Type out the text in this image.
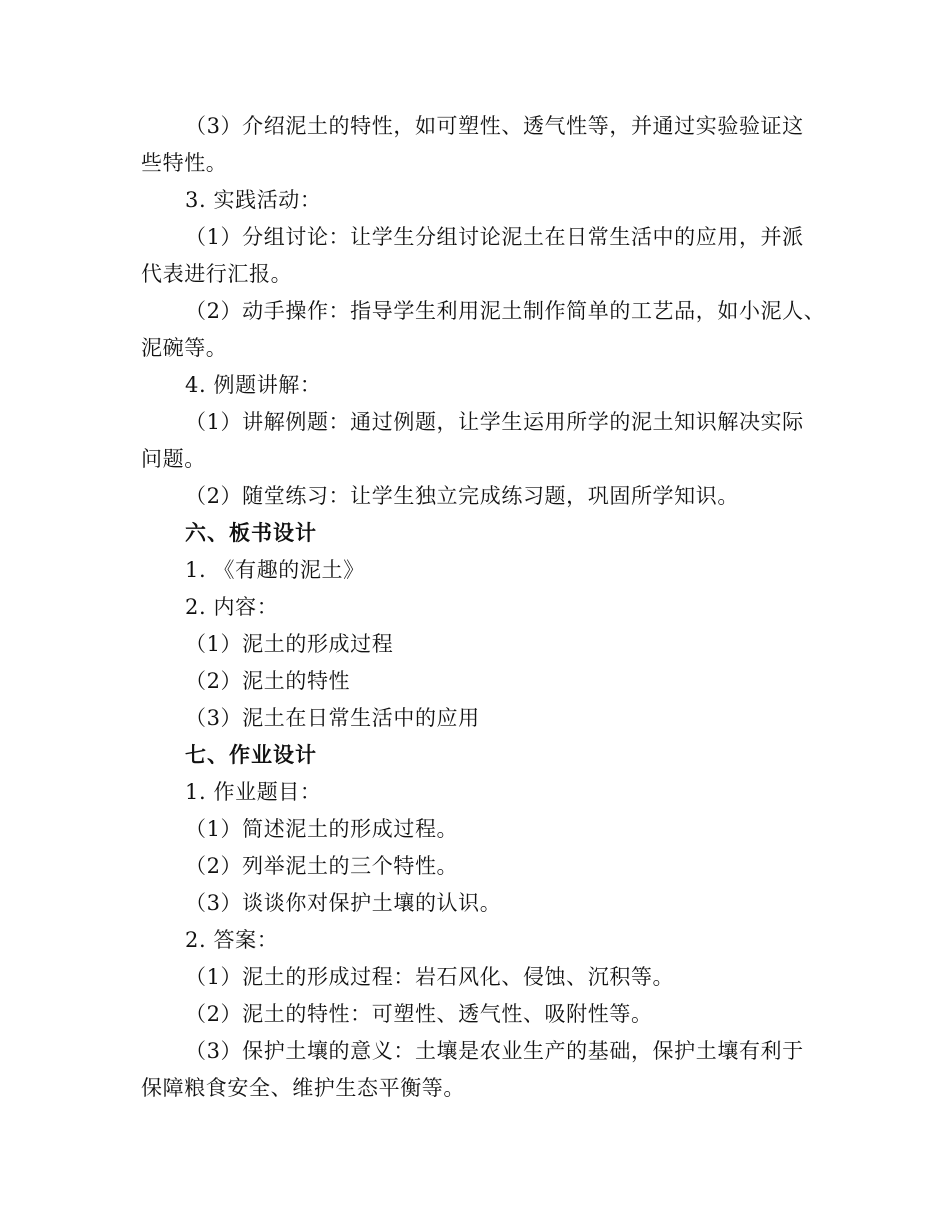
（3）介绍泥土的特性，如可塑性、透气性等，并通过实验验证这
些特性。
3. 实践活动：
（1）分组讨论：让学生分组讨论泥土在日常生活中的应用，并派
代表进行汇报。
（2）动手操作：指导学生利用泥土制作简单的工艺品，如小泥人、
泥碗等。
4. 例题讲解：
（1）讲解例题：通过例题，让学生运用所学的泥土知识解决实际
问题。
（2）随堂练习：让学生独立完成练习题，巩固所学知识。
六、板书设计
1. 《有趣的泥土》
2. 内容：
（1）泥土的形成过程
（2）泥土的特性
（3）泥土在日常生活中的应用
七、作业设计
1. 作业题目：
（1）简述泥土的形成过程。
（2）列举泥土的三个特性。
（3）谈谈你对保护土壤的认识。
2. 答案：
（1）泥土的形成过程：岩石风化、侵蚀、沉积等。
（2）泥土的特性：可塑性、透气性、吸附性等。
（3）保护土壤的意义：土壤是农业生产的基础，保护土壤有利于
保障粮食安全、维护生态平衡等。
